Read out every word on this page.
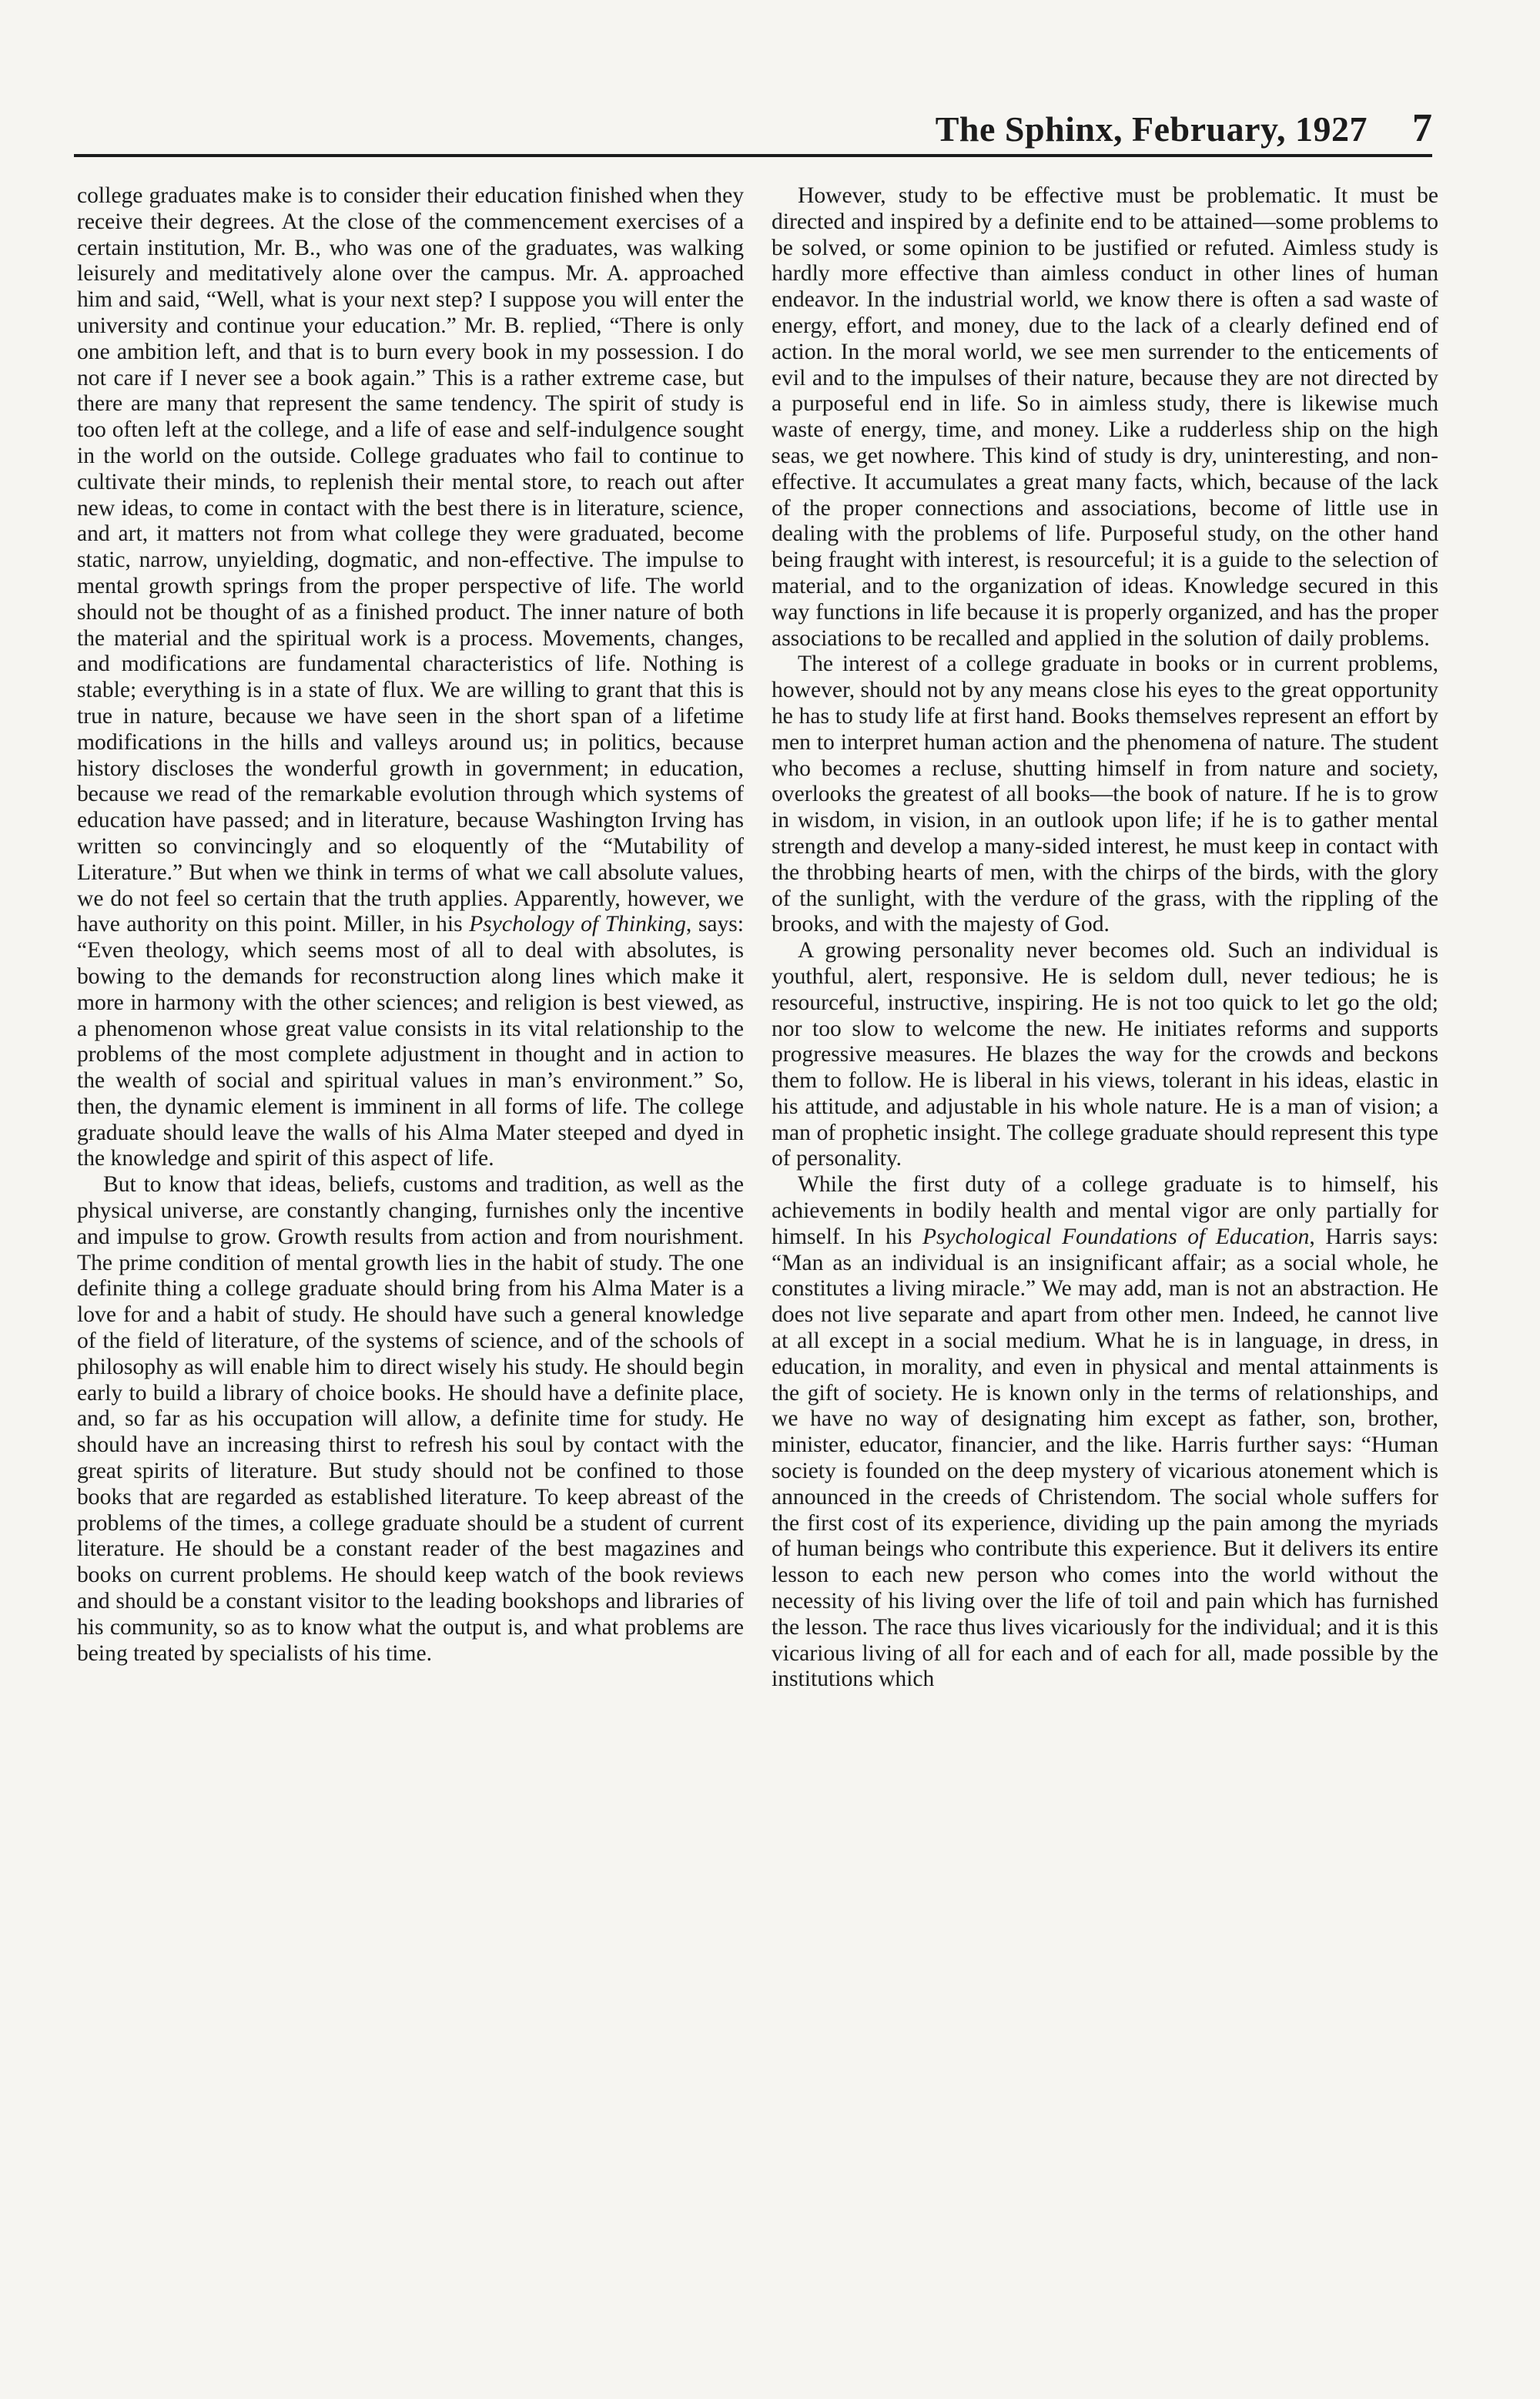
The Sphinx, February, 1927 7

college graduates make is to consider their education finished when they receive their degrees. At the close of the commencement exercises of a certain institution, Mr. B., who was one of the graduates, was walking leisurely and meditatively alone over the campus. Mr. A. approached him and said, “Well, what is your next step? I suppose you will enter the university and continue your education.” Mr. B. replied, “There is only one ambition left, and that is to burn every book in my possession. I do not care if I never see a book again.” This is a rather extreme case, but there are many that represent the same tendency. The spirit of study is too often left at the college, and a life of ease and self-indulgence sought in the world on the outside. College graduates who fail to continue to cultivate their minds, to replenish their mental store, to reach out after new ideas, to come in contact with the best there is in literature, science, and art, it matters not from what college they were graduated, become static, narrow, unyielding, dogmatic, and non-effective. The impulse to mental growth springs from the proper perspective of life. The world should not be thought of as a finished product. The inner nature of both the material and the spiritual work is a process. Movements, changes, and modifications are fundamental characteristics of life. Nothing is stable; everything is in a state of flux. We are willing to grant that this is true in nature, because we have seen in the short span of a lifetime modifications in the hills and valleys around us; in politics, because history discloses the wonderful growth in government; in education, because we read of the remarkable evolution through which systems of education have passed; and in literature, because Washington Irving has written so convincingly and so eloquently of the “Mutability of Literature.” But when we think in terms of what we call absolute values, we do not feel so certain that the truth applies. Apparently, however, we have authority on this point. Miller, in his Psychology of Thinking, says: “Even theology, which seems most of all to deal with absolutes, is bowing to the demands for reconstruction along lines which make it more in harmony with the other sciences; and religion is best viewed, as a phenomenon whose great value consists in its vital relationship to the problems of the most complete adjustment in thought and in action to the wealth of social and spiritual values in man’s environment.” So, then, the dynamic element is imminent in all forms of life. The college graduate should leave the walls of his Alma Mater steeped and dyed in the knowledge and spirit of this aspect of life.

But to know that ideas, beliefs, customs and tradition, as well as the physical universe, are constantly changing, furnishes only the incentive and impulse to grow. Growth results from action and from nourishment. The prime condition of mental growth lies in the habit of study. The one definite thing a college graduate should bring from his Alma Mater is a love for and a habit of study. He should have such a general knowledge of the field of literature, of the systems of science, and of the schools of philosophy as will enable him to direct wisely his study. He should begin early to build a library of choice books. He should have a definite place, and, so far as his occupation will allow, a definite time for study. He should have an increasing thirst to refresh his soul by contact with the great spirits of literature. But study should not be confined to those books that are regarded as established literature. To keep abreast of the problems of the times, a college graduate should be a student of current literature. He should be a constant reader of the best magazines and books on current problems. He should keep watch of the book reviews and should be a constant visitor to the leading bookshops and libraries of his community, so as to know what the output is, and what problems are being treated by specialists of his time.

However, study to be effective must be problematic. It must be directed and inspired by a definite end to be attained—some problems to be solved, or some opinion to be justified or refuted. Aimless study is hardly more effective than aimless conduct in other lines of human endeavor. In the industrial world, we know there is often a sad waste of energy, effort, and money, due to the lack of a clearly defined end of action. In the moral world, we see men surrender to the enticements of evil and to the impulses of their nature, because they are not directed by a purposeful end in life. So in aimless study, there is likewise much waste of energy, time, and money. Like a rudderless ship on the high seas, we get nowhere. This kind of study is dry, uninteresting, and non-effective. It accumulates a great many facts, which, because of the lack of the proper connections and associations, become of little use in dealing with the problems of life. Purposeful study, on the other hand being fraught with interest, is resourceful; it is a guide to the selection of material, and to the organization of ideas. Knowledge secured in this way functions in life because it is properly organized, and has the proper associations to be recalled and applied in the solution of daily problems.

The interest of a college graduate in books or in current problems, however, should not by any means close his eyes to the great opportunity he has to study life at first hand. Books themselves represent an effort by men to interpret human action and the phenomena of nature. The student who becomes a recluse, shutting himself in from nature and society, overlooks the greatest of all books—the book of nature. If he is to grow in wisdom, in vision, in an outlook upon life; if he is to gather mental strength and develop a many-sided interest, he must keep in contact with the throbbing hearts of men, with the chirps of the birds, with the glory of the sunlight, with the verdure of the grass, with the rippling of the brooks, and with the majesty of God.

A growing personality never becomes old. Such an individual is youthful, alert, responsive. He is seldom dull, never tedious; he is resourceful, instructive, inspiring. He is not too quick to let go the old; nor too slow to welcome the new. He initiates reforms and supports progressive measures. He blazes the way for the crowds and beckons them to follow. He is liberal in his views, tolerant in his ideas, elastic in his attitude, and adjustable in his whole nature. He is a man of vision; a man of prophetic insight. The college graduate should represent this type of personality.

While the first duty of a college graduate is to himself, his achievements in bodily health and mental vigor are only partially for himself. In his Psychological Foundations of Education, Harris says: “Man as an individual is an insignificant affair; as a social whole, he constitutes a living miracle.” We may add, man is not an abstraction. He does not live separate and apart from other men. Indeed, he cannot live at all except in a social medium. What he is in language, in dress, in education, in morality, and even in physical and mental attainments is the gift of society. He is known only in the terms of relationships, and we have no way of designating him except as father, son, brother, minister, educator, financier, and the like. Harris further says: “Human society is founded on the deep mystery of vicarious atonement which is announced in the creeds of Christendom. The social whole suffers for the first cost of its experience, dividing up the pain among the myriads of human beings who contribute this experience. But it delivers its entire lesson to each new person who comes into the world without the necessity of his living over the life of toil and pain which has furnished the lesson. The race thus lives vicariously for the individual; and it is this vicarious living of all for each and of each for all, made possible by the institutions which
